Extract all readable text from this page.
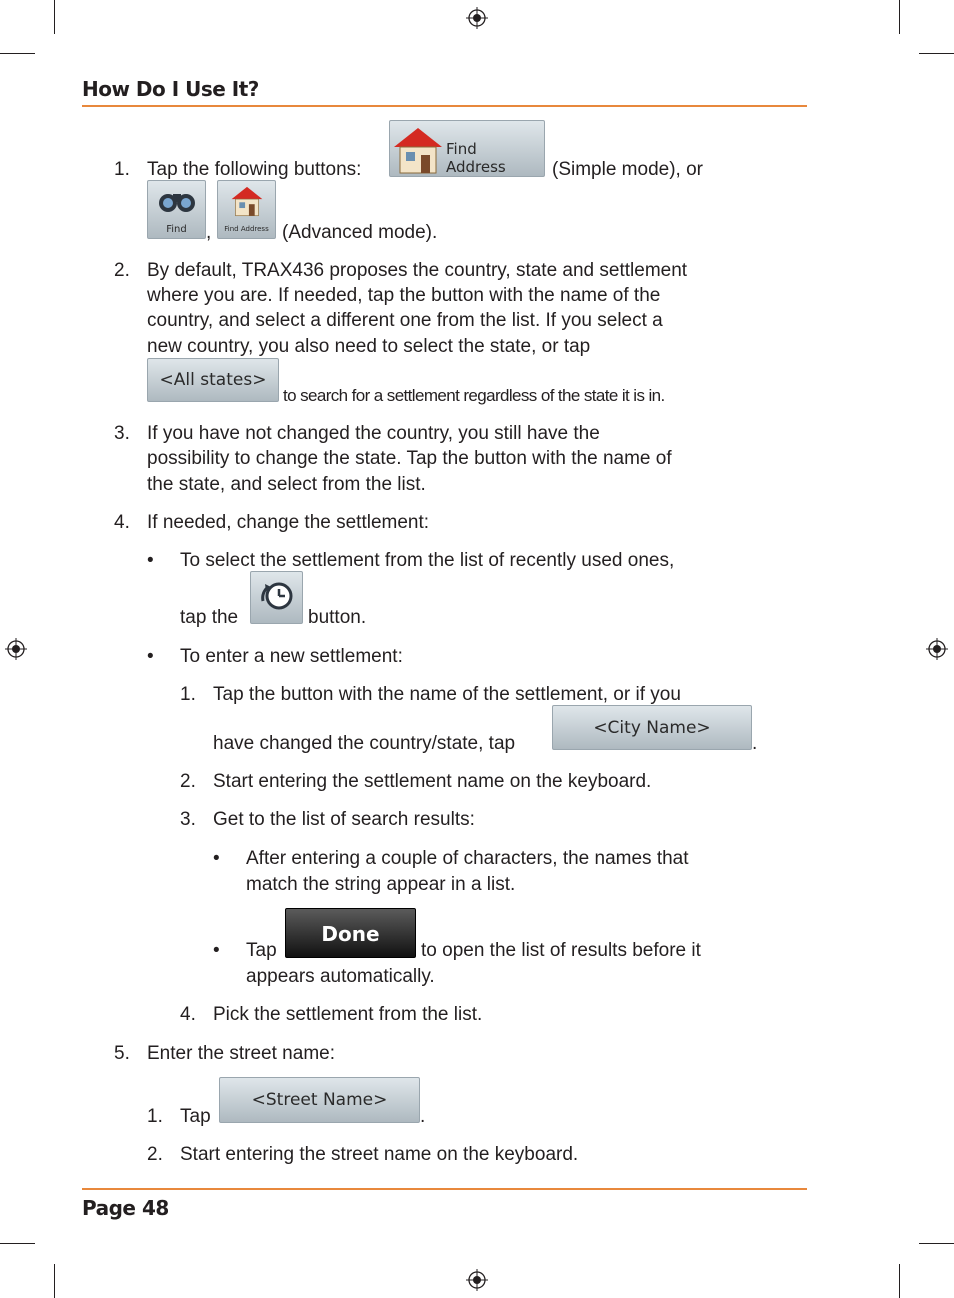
How Do I Use It?
1. Tap the following buttons:
Find Address	(Simple mode), or
Find	,	Find Address (Advanced mode).
2. By default, TRAX436 proposes the country, state and settlement
where you are. If needed, tap the button with the name of the
country, and select a different one from the list. If you select a
new country, you also need to select the state, or tap
<All states>
to search for a settlement regardless of the state it is in.
3. If you have not changed the country, you still have the
possibility to change the state. Tap the button with the name of
the state, and select from the list.
4. If needed, change the settlement:
• To select the settlement from the list of recently used ones,
tap the	button.
• To enter a new settlement:
1. Tap the button with the name of the settlement, or if you
have changed the country/state, tap
<City Name>
.
2. Start entering the settlement name on the keyboard.
3. Get to the list of search results:
• After entering a couple of characters, the names that
match the string appear in a list.
• Tap
Done
to open the list of results before it
appears automatically.
4. Pick the settlement from the list.
5. Enter the street name:
1. Tap
<Street Name>
.
2. Start entering the street name on the keyboard.
Page 48
